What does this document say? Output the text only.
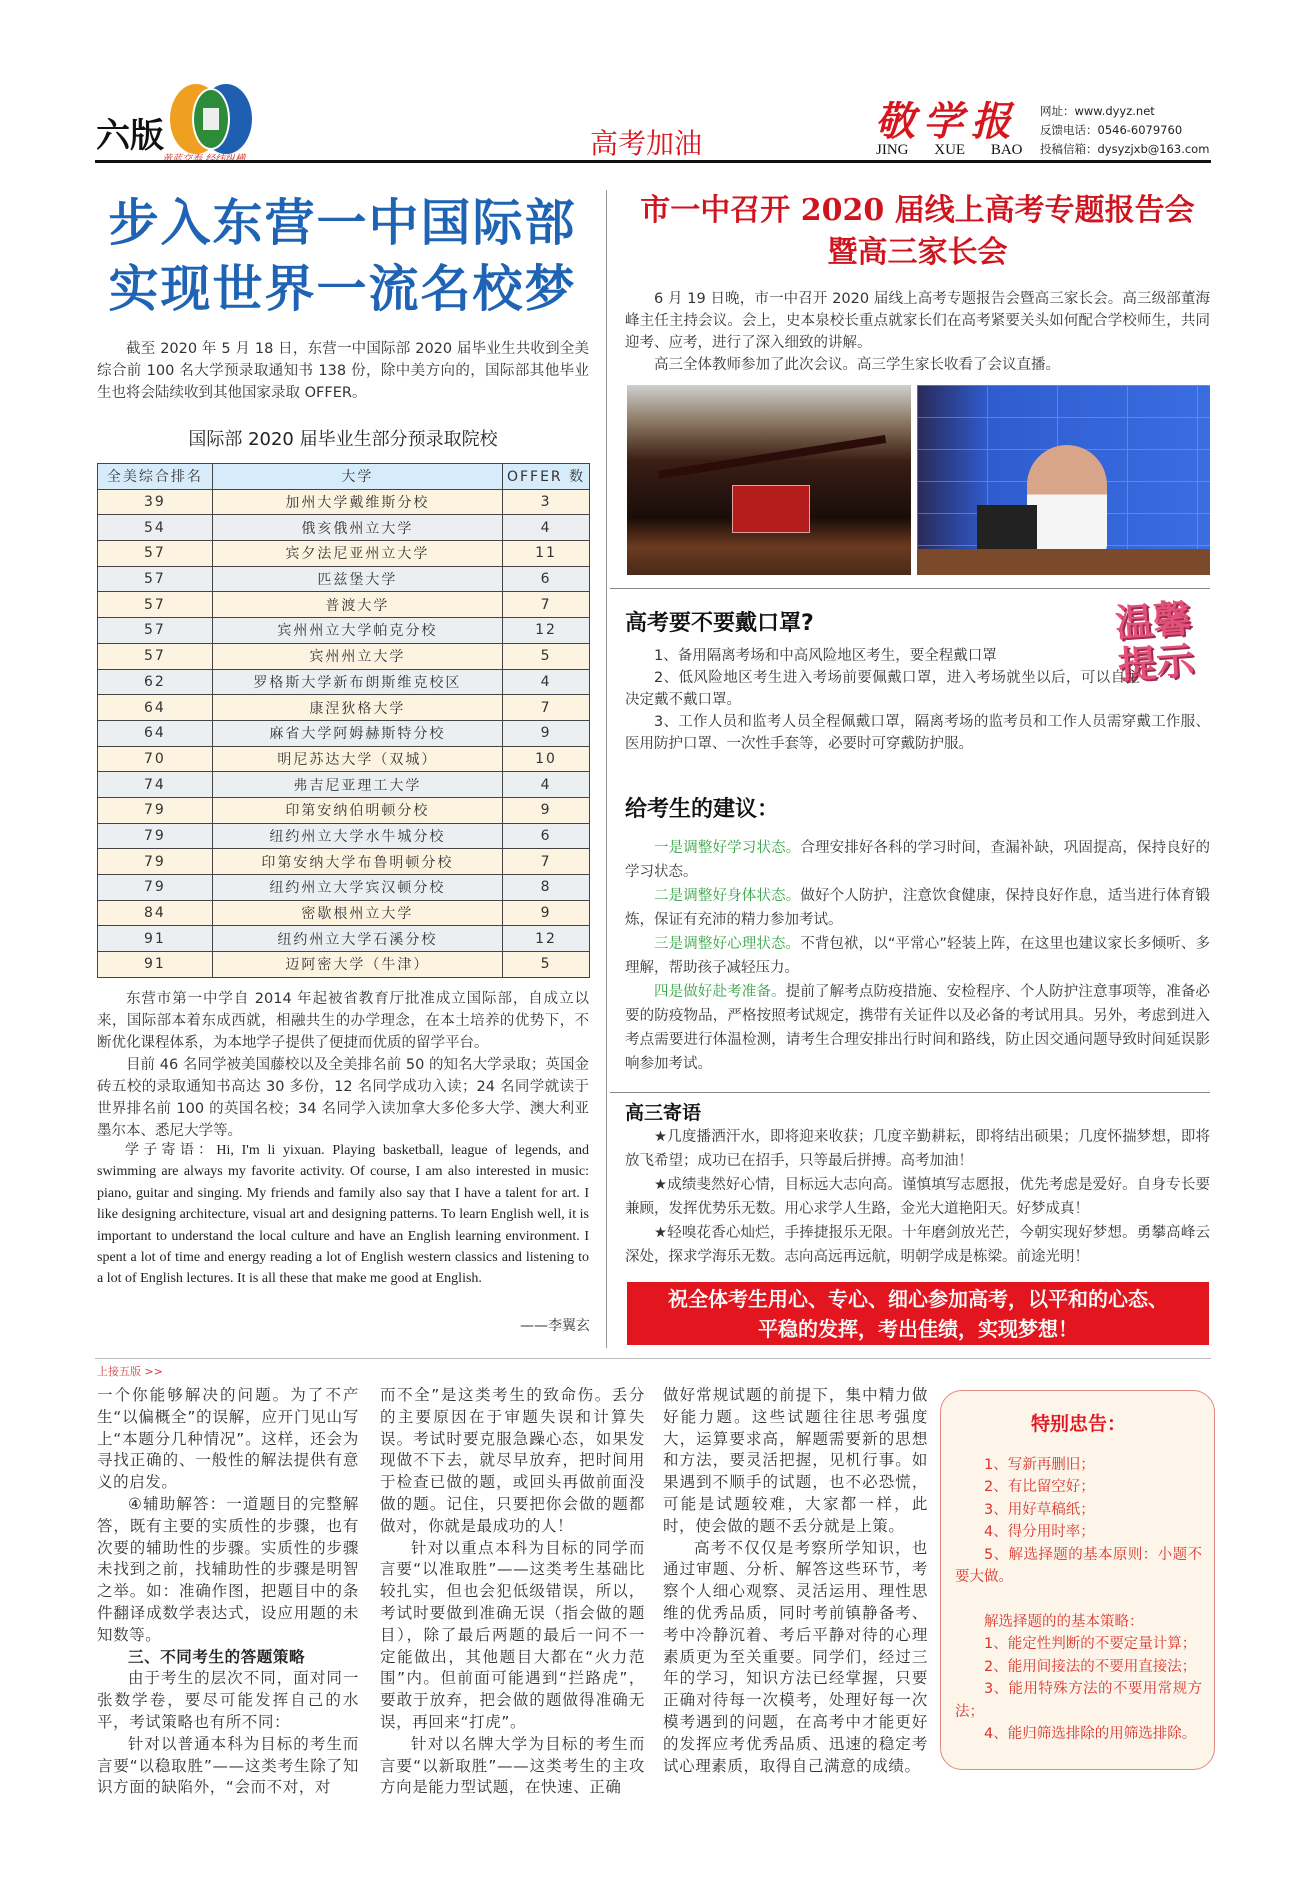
六版	高考加油	敬学报
JING XUE BAO
网址：www.dyyz.net
反馈电话：0546-6079760
投稿信箱：dysyzjxb@163.com
步入东营一中国际部
实现世界一流名校梦

截至 2020 年 5 月 18 日，东营一中国际部 2020 届毕业生共收到全美综合前 100 名大学预录取通知书 138 份，除中美方向的，国际部其他毕业生也将会陆续收到其他国家录取 OFFER。

国际部 2020 届毕业生部分预录取院校
全美综合排名	大学	OFFER 数
39	加州大学戴维斯分校	3
54	俄亥俄州立大学	4
57	宾夕法尼亚州立大学	11
57	匹兹堡大学	6
57	普渡大学	7
57	宾州州立大学帕克分校	12
57	宾州州立大学	5
62	罗格斯大学新布朗斯维克校区	4
64	康涅狄格大学	7
64	麻省大学阿姆赫斯特分校	9
70	明尼苏达大学（双城）	10
74	弗吉尼亚理工大学	4
79	印第安纳伯明顿分校	9
79	纽约州立大学水牛城分校	6
79	印第安纳大学布鲁明顿分校	7
79	纽约州立大学宾汉顿分校	8
84	密歇根州立大学	9
91	纽约州立大学石溪分校	12
91	迈阿密大学（牛津）	5

东营市第一中学自 2014 年起被省教育厅批准成立国际部，自成立以来，国际部本着东成西就，相融共生的办学理念，在本土培养的优势下，不断优化课程体系，为本地学子提供了便捷而优质的留学平台。

目前 46 名同学被美国藤校以及全美排名前 50 的知名大学录取；英国金砖五校的录取通知书高达 30 多份，12 名同学成功入读；24 名同学就读于世界排名前 100 的英国名校；34 名同学入读加拿大多伦多大学、澳大利亚墨尔本、悉尼大学等。

学子寄语：Hi, I'm li yixuan. Playing basketball, league of legends, and swimming are always my favorite activity. Of course, I am also interested in music: piano, guitar and singing. My friends and family also say that I have a talent for art. I like designing architecture, visual art and designing patterns. To learn English well, it is important to understand the local culture and have an English learning environment. I spent a lot of time and energy reading a lot of English western classics and listening to a lot of English lectures. It is all these that make me good at English.

——李翼玄
市一中召开 2020 届线上高考专题报告会
暨高三家长会

6 月 19 日晚，市一中召开 2020 届线上高考专题报告会暨高三家长会。高三级部董海峰主任主持会议。会上，史本泉校长重点就家长们在高考紧要关头如何配合学校师生，共同迎考、应考，进行了深入细致的讲解。

高三全体教师参加了此次会议。高三学生家长收看了会议直播。

高考要不要戴口罩?	温馨提示

1、备用隔离考场和中高风险地区考生，要全程戴口罩

2、低风险地区考生进入考场前要佩戴口罩，进入考场就坐以后，可以自主决定戴不戴口罩。

3、工作人员和监考人员全程佩戴口罩，隔离考场的监考员和工作人员需穿戴工作服、医用防护口罩、一次性手套等，必要时可穿戴防护服。

给考生的建议：

一是调整好学习状态。合理安排好各科的学习时间，查漏补缺，巩固提高，保持良好的学习状态。

二是调整好身体状态。做好个人防护，注意饮食健康，保持良好作息，适当进行体育锻炼，保证有充沛的精力参加考试。

三是调整好心理状态。不背包袱，以“平常心”轻装上阵，在这里也建议家长多倾听、多理解，帮助孩子减轻压力。

四是做好赴考准备。提前了解考点防疫措施、安检程序、个人防护注意事项等，准备必要的防疫物品，严格按照考试规定，携带有关证件以及必备的考试用具。另外，考虑到进入考点需要进行体温检测，请考生合理安排出行时间和路线，防止因交通问题导致时间延误影响参加考试。

高三寄语

★几度播洒汗水，即将迎来收获；几度辛勤耕耘，即将结出硕果；几度怀揣梦想，即将放飞希望；成功已在招手，只等最后拼搏。高考加油！

★成绩斐然好心情，目标远大志向高。谨慎填写志愿报，优先考虑是爱好。自身专长要兼顾，发挥优势乐无数。用心求学人生路，金光大道艳阳天。好梦成真！

★轻嗅花香心灿烂，手捧捷报乐无限。十年磨剑放光芒，今朝实现好梦想。勇攀高峰云深处，探求学海乐无数。志向高远再远航，明朝学成是栋梁。前途光明！

祝全体考生用心、专心、细心参加高考，以平和的心态、
平稳的发挥，考出佳绩，实现梦想！
上接五版 >>

一个你能够解决的问题。为了不产生“以偏概全”的误解，应开门见山写上“本题分几种情况”。这样，还会为寻找正确的、一般性的解法提供有意义的启发。

④辅助解答：一道题目的完整解答，既有主要的实质性的步骤，也有次要的辅助性的步骤。实质性的步骤未找到之前，找辅助性的步骤是明智之举。如：准确作图，把题目中的条件翻译成数学表达式，设应用题的未知数等。

三、不同考生的答题策略

由于考生的层次不同，面对同一张数学卷，要尽可能发挥自己的水平，考试策略也有所不同：

针对以普通本科为目标的考生而言要“以稳取胜”——这类考生除了知识方面的缺陷外，“会而不对，对

而不全”是这类考生的致命伤。丢分的主要原因在于审题失误和计算失误。考试时要克服急躁心态，如果发现做不下去，就尽早放弃，把时间用于检查已做的题，或回头再做前面没做的题。记住，只要把你会做的题都做对，你就是最成功的人！

针对以重点本科为目标的同学而言要“以准取胜”——这类考生基础比较扎实，但也会犯低级错误，所以，考试时要做到准确无误（指会做的题目），除了最后两题的最后一问不一定能做出，其他题目大都在“火力范围”内。但前面可能遇到“拦路虎”，要敢于放弃，把会做的题做得准确无误，再回来“打虎”。

针对以名牌大学为目标的考生而言要“以新取胜”——这类考生的主攻方向是能力型试题，在快速、正确

做好常规试题的前提下，集中精力做好能力题。这些试题往往思考强度大，运算要求高，解题需要新的思想和方法，要灵活把握，见机行事。如果遇到不顺手的试题，也不必恐慌，可能是试题较难，大家都一样，此时，使会做的题不丢分就是上策。

高考不仅仅是考察所学知识，也通过审题、分析、解答这些环节，考察个人细心观察、灵活运用、理性思维的优秀品质，同时考前镇静备考、考中冷静沉着、考后平静对待的心理素质更为至关重要。同学们，经过三年的学习，知识方法已经掌握，只要正确对待每一次模考，处理好每一次模考遇到的问题，在高考中才能更好的发挥应考优秀品质、迅速的稳定考试心理素质，取得自己满意的成绩。

特别忠告：

1、写新再删旧；

2、有比留空好；

3、用好草稿纸；

4、得分用时率；

5、解选择题的基本原则：小题不要大做。

解选择题的的基本策略：

1、能定性判断的不要定量计算；

2、能用间接法的不要用直接法；

3、能用特殊方法的不要用常规方法；

4、能归筛选排除的用筛选排除。
